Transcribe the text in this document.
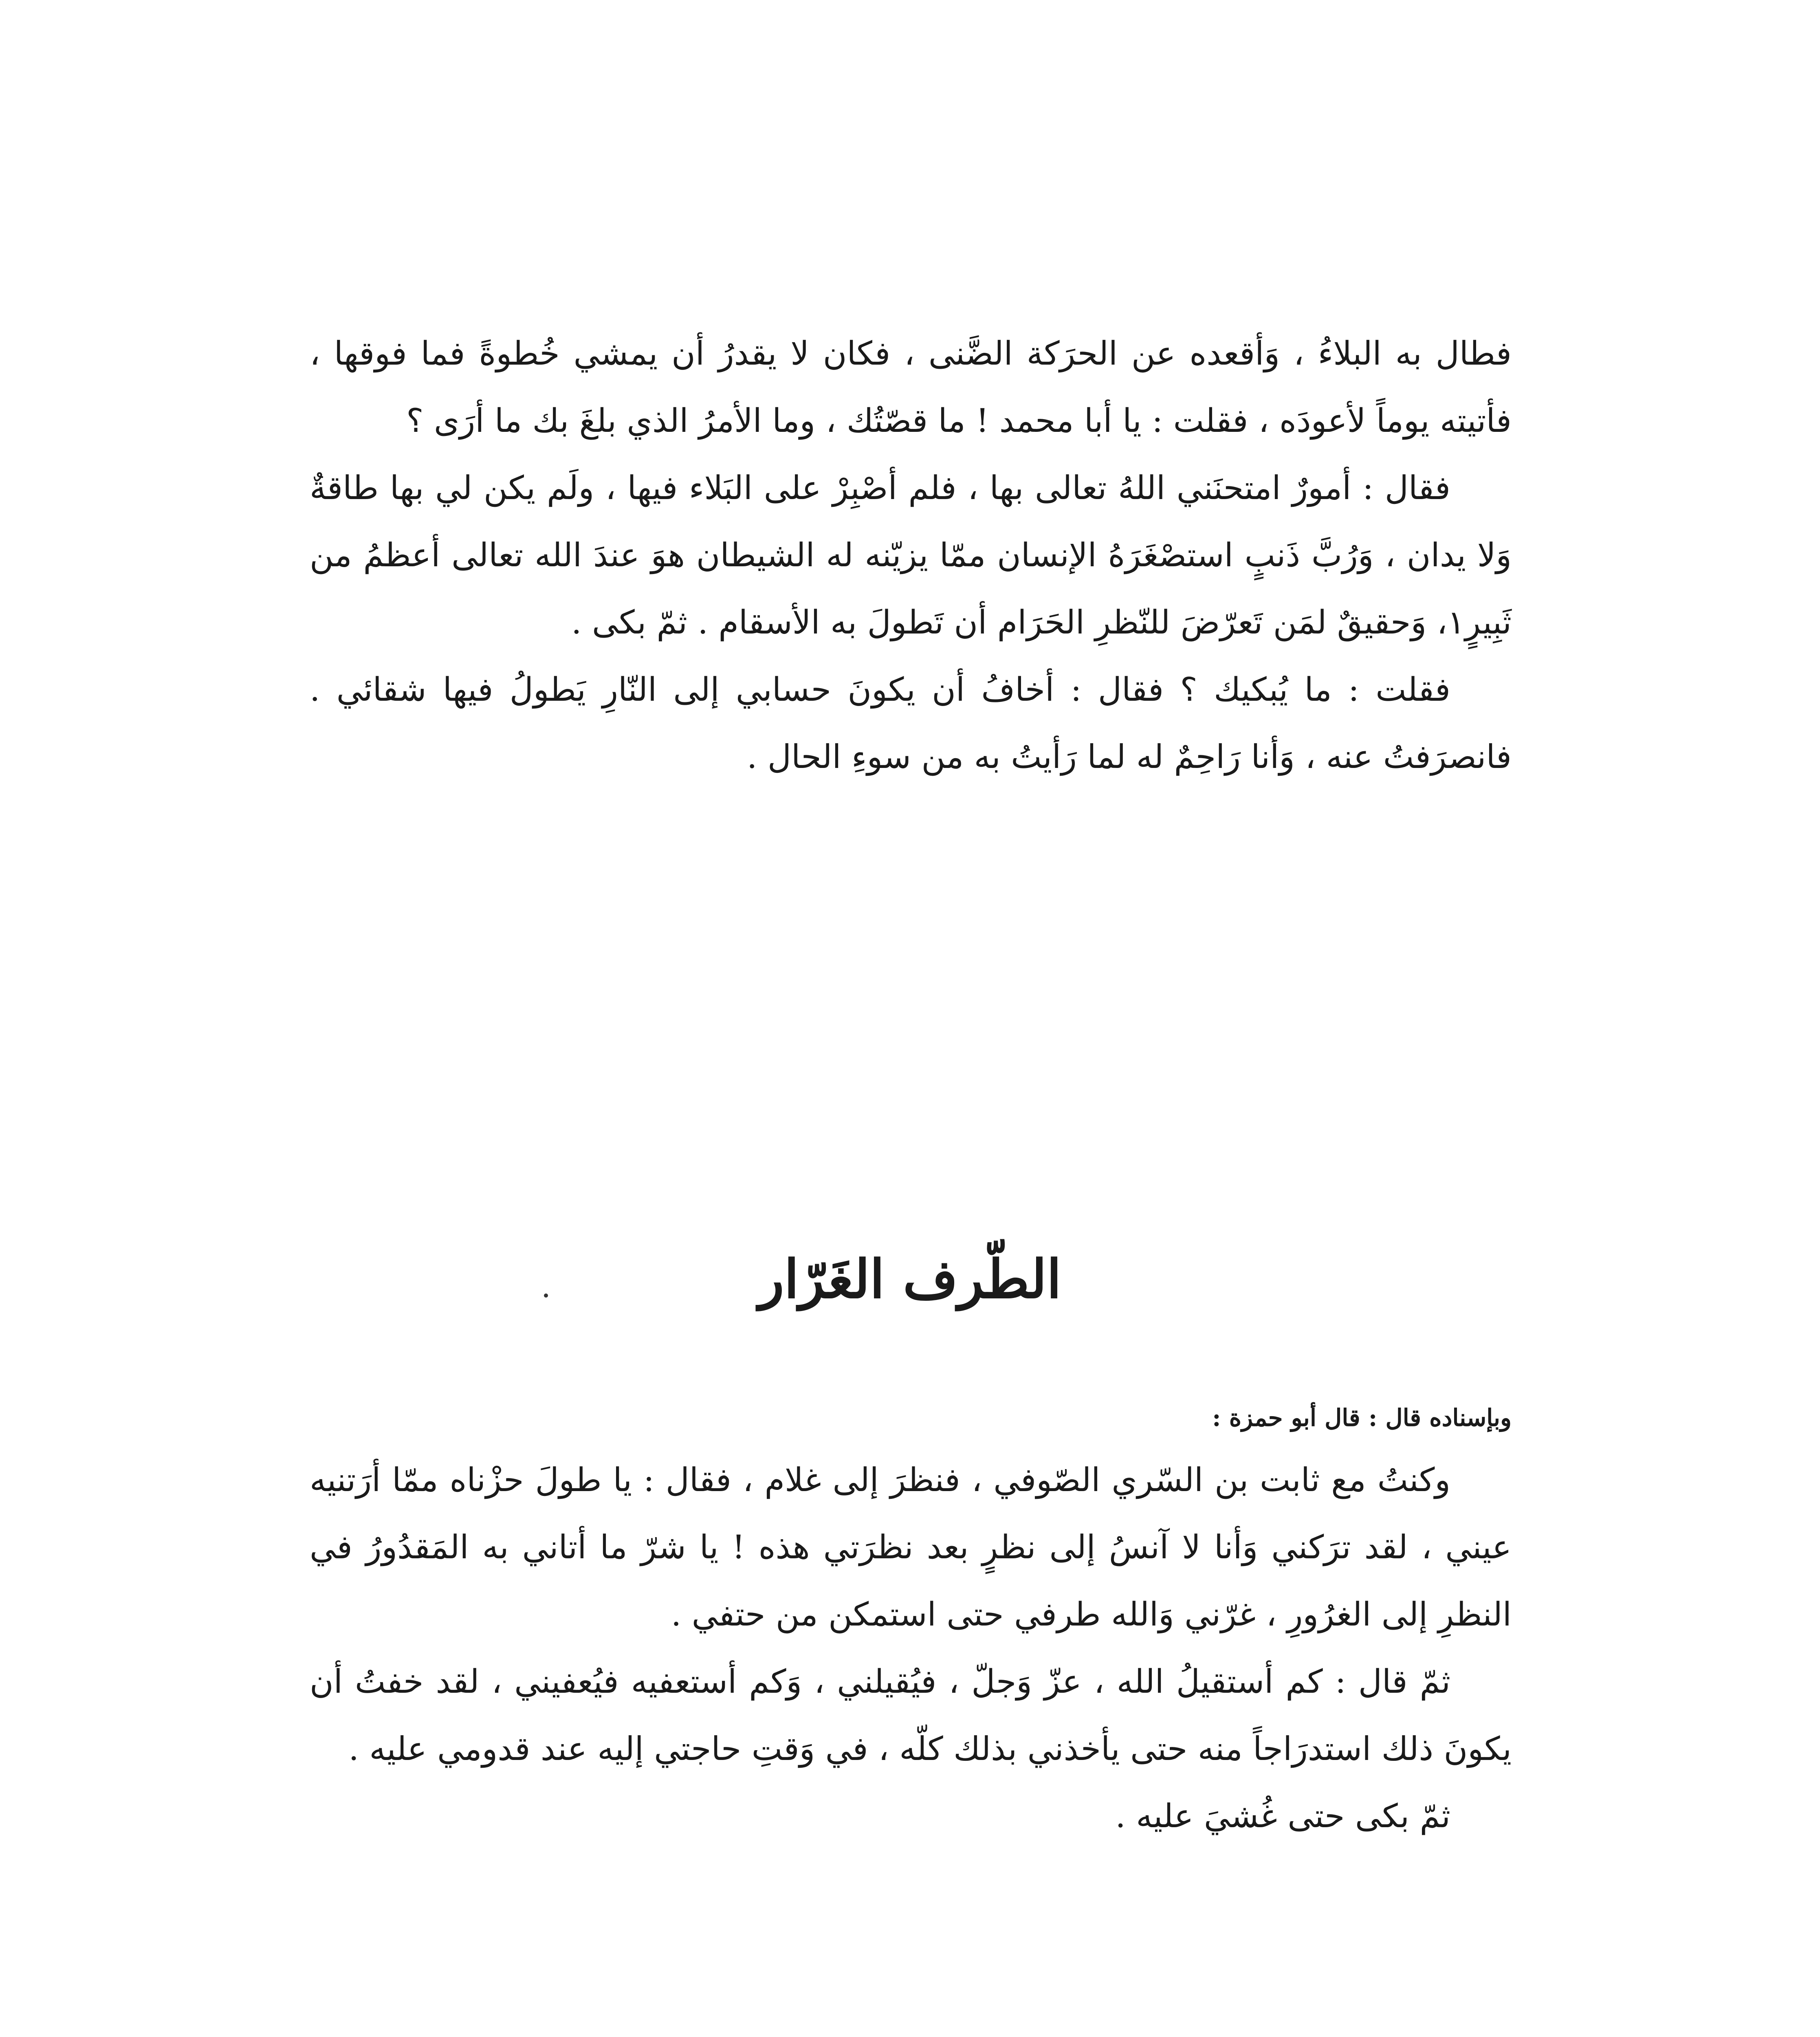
فطال به البلاءُ ، وَأقعده عن الحرَكة الضَّنى ، فكان لا يقدرُ أن يمشي خُطوةً فما فوقها ، فأتيته يوماً لأعودَه ، فقلت : يا أبا محمد ! ما قصّتُك ، وما الأمرُ الذي بلغَ بك ما أرَى ؟

فقال : أمورٌ امتحنَني اللهُ تعالى بها ، فلم أصْبِرْ على البَلاء فيها ، ولَم يكن لي بها طاقةٌ وَلا يدان ، وَرُبَّ ذَنبٍ استصْغَرَهُ الإنسان ممّا يزيّنه له الشيطان هوَ عندَ الله تعالى أعظمُ من ثَبِيرٍ١، وَحقيقٌ لمَن تَعرّضَ للنّظرِ الحَرَام أن تَطولَ به الأسقام . ثمّ بكى .

فقلت : ما يُبكيك ؟ فقال : أخافُ أن يكونَ حسابي إلى النّارِ يَطولُ فيها شقائي . فانصرَفتُ عنه ، وَأنا رَاحِمٌ له لما رَأيتُ به من سوءِ الحال .

الطّرف الغَرّار
وبإسناده قال : قال أبو حمزة :

وكنتُ مع ثابت بن السّري الصّوفي ، فنظرَ إلى غلام ، فقال : يا طولَ حزْناه ممّا أرَتنيه عيني ، لقد ترَكني وَأنا لا آنسُ إلى نظرٍ بعد نظرَتي هذه ! يا شرّ ما أتاني به المَقدُورُ في النظرِ إلى الغرُورِ ، غرّني وَالله طرفي حتى استمكن من حتفي .

ثمّ قال : كم أستقيلُ الله ، عزّ وَجلّ ، فيُقيلني ، وَكم أستعفيه فيُعفيني ، لقد خفتُ أن يكونَ ذلك استدرَاجاً منه حتى يأخذني بذلك كلّه ، في وَقتِ حاجتي إليه عند قدومي عليه .

ثمّ بكى حتى غُشيَ عليه .
